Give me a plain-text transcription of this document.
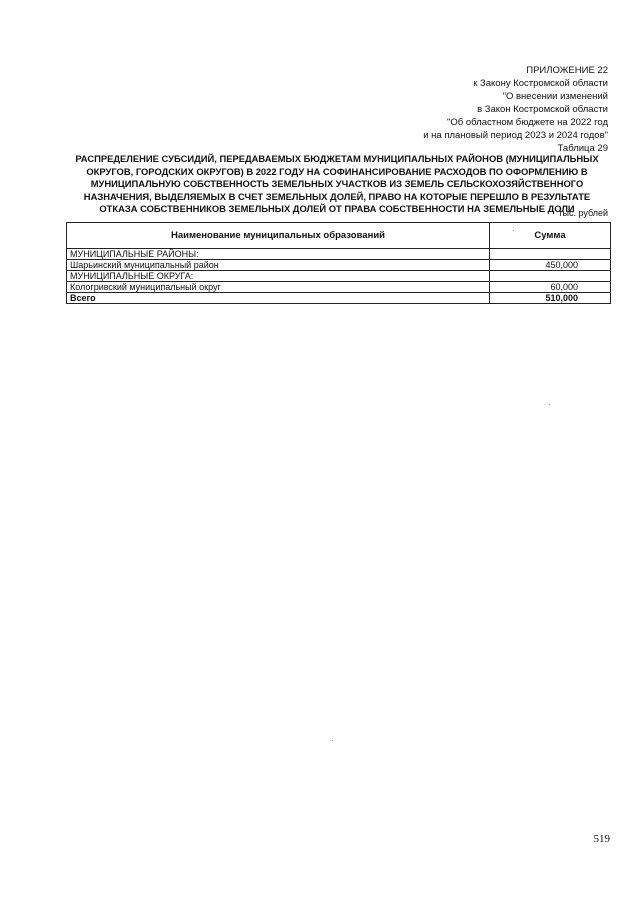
ПРИЛОЖЕНИЕ 22
к Закону Костромской области
"О внесении изменений
в Закон Костромской области
"Об областном бюджете на 2022 год
и на плановый период 2023 и 2024 годов"
Таблица 29
РАСПРЕДЕЛЕНИЕ СУБСИДИЙ, ПЕРЕДАВАЕМЫХ БЮДЖЕТАМ МУНИЦИПАЛЬНЫХ РАЙОНОВ (МУНИЦИПАЛЬНЫХ
ОКРУГОВ, ГОРОДСКИХ ОКРУГОВ) В 2022 ГОДУ НА СОФИНАНСИРОВАНИЕ РАСХОДОВ ПО ОФОРМЛЕНИЮ В
МУНИЦИПАЛЬНУЮ СОБСТВЕННОСТЬ ЗЕМЕЛЬНЫХ УЧАСТКОВ ИЗ ЗЕМЕЛЬ СЕЛЬСКОХОЗЯЙСТВЕННОГО
НАЗНАЧЕНИЯ, ВЫДЕЛЯЕМЫХ В СЧЕТ ЗЕМЕЛЬНЫХ ДОЛЕЙ, ПРАВО НА КОТОРЫЕ ПЕРЕШЛО В РЕЗУЛЬТАТЕ
ОТКАЗА СОБСТВЕННИКОВ ЗЕМЕЛЬНЫХ ДОЛЕЙ ОТ ПРАВА СОБСТВЕННОСТИ НА ЗЕМЕЛЬНЫЕ ДОЛИ
тыс. рублей
Наименование муниципальных образований	Сумма
МУНИЦИПАЛЬНЫЕ РАЙОНЫ:	
Шарьинский муниципальный район	450,000
МУНИЦИПАЛЬНЫЕ ОКРУГА:	
Кологривский муниципальный округ	60,000
Всего	510,000
519
